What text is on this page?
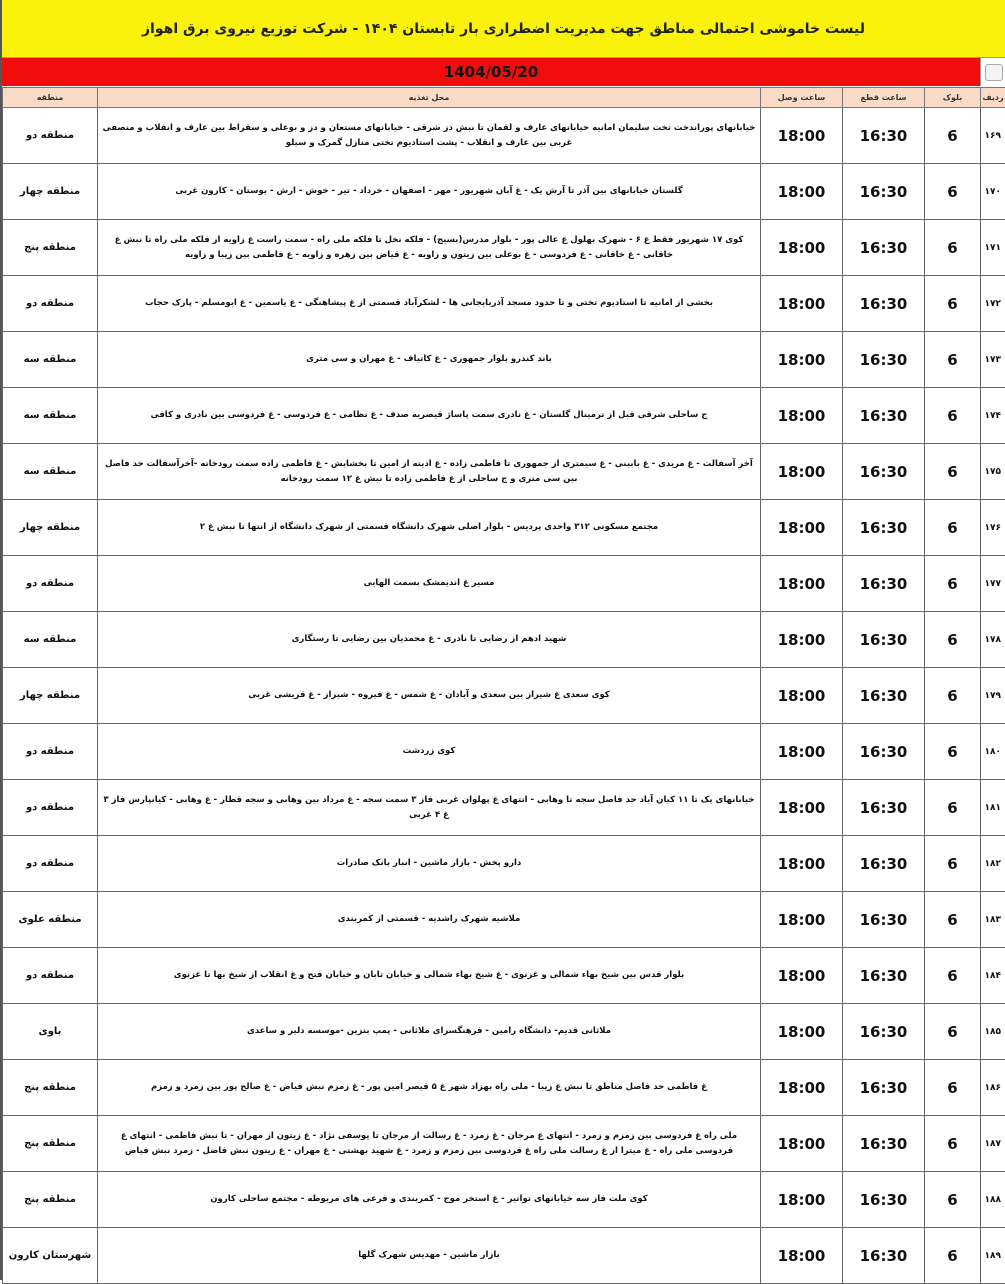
لیست خاموشی احتمالی مناطق جهت مدیریت اضطراری بار تابستان ۱۴۰۴ - شرکت توزیع نیروی برق اهواز
1404/05/20
ردیف	بلوک	ساعت قطع	ساعت وصل	محل تغذیه	منطقه
۱۶۹	6	16:30	18:00	خیابانهای پوراندخت تخت سلیمان امانیه خیابانهای عارف و لقمان تا نبش دز شرقی - خیابانهای مستعان و دز و بوعلی و سقراط بین عارف و انقلاب و منصفی غربی بین عارف و انقلاب - پشت استادیوم تختی منازل گمرک و سیلو	منطقه دو
۱۷۰	6	16:30	18:00	گلستان خیابانهای بین آذر تا آرش یک - غ آبان شهریور - مهر - اصفهان - خرداد - تیر - خوش - ارش - بوستان - کارون غربی	منطقه چهار
۱۷۱	6	16:30	18:00	کوی ۱۷ شهریور فقط غ ۶ - شهرک بهلول غ عالی پور - بلوار مدرس(بسیج) - فلکه نخل تا فلکه ملی راه - سمت راست غ زاویه از فلکه ملی راه تا نبش غ خاقانی - غ خاقانی - غ فردوسی - غ بوعلی بین زیتون و زاویه - غ قیاض بین زهره و زاویه - غ فاطمی بین زیبا و زاویه	منطقه پنج
۱۷۲	6	16:30	18:00	بخشی از امانیه تا استادیوم تختی و تا حدود مسجد آذربایجانی ها - لشکرآباد قسمتی از غ پیشاهنگی - غ یاسمین - غ ابومسلم - پارک حجاب	منطقه دو
۱۷۳	6	16:30	18:00	باند کندرو بلوار جمهوری - غ کاتیاف - غ مهران و سی متری	منطقه سه
۱۷۴	6	16:30	18:00	ج ساحلی شرقی قبل از ترمینال گلستان - غ نادری سمت پاساژ قیصریه صدف - غ نظامی - غ فردوسی - غ فردوسی بین نادری و کافی	منطقه سه
۱۷۵	6	16:30	18:00	آخر آسفالت - غ مریدی - غ بابینی - غ سیمتری از جمهوری تا فاطمی زاده - غ ادینه از امین تا بخشایش - غ فاطمی زاده سمت رودخانه -آخرآسفالت حد فاصل بین سی متری و ج ساحلی از غ فاطمی زاده تا نبش غ ۱۲ سمت رودخانه	منطقه سه
۱۷۶	6	16:30	18:00	مجتمع مسکونی ۳۱۲ واحدی پردیس - بلوار اصلی شهرک دانشگاه قسمتی از شهرک دانشگاه از انتها تا نبش غ ۲	منطقه چهار
۱۷۷	6	16:30	18:00	مسیر غ اندیمشک بسمت الهایی	منطقه دو
۱۷۸	6	16:30	18:00	شهید ادهم از رضایی تا نادری - غ محمدیان بین رضایی تا رستگاری	منطقه سه
۱۷۹	6	16:30	18:00	کوی سعدی غ شیراز بین سعدی و آبادان - غ شمس - غ فیروه - شیراز - غ قریشی غربی	منطقه چهار
۱۸۰	6	16:30	18:00	کوی زردشت	منطقه دو
۱۸۱	6	16:30	18:00	خیابانهای یک تا ۱۱ کیان آباد حد فاصل سجه تا وهابی - انتهای غ پهلوان غربی فاز ۳ سمت سجه - غ مرداد بین وهابی و سجه قطار - غ وهابی - کیانپارس فاز ۳ غ ۴ غربی	منطقه دو
۱۸۲	6	16:30	18:00	دارو پخش - بازار ماشین - انبار بانک صادرات	منطقه دو
۱۸۳	6	16:30	18:00	ملاشیه شهرک راشدیه - قسمتی از کمربندی	منطقه علوی
۱۸۴	6	16:30	18:00	بلوار قدس بین شیخ بهاء شمالی و غزنوی - غ شیخ بهاء شمالی و خیابان تابان و خیابان فتح و غ انقلاب از شیخ بها تا غزنوی	منطقه دو
۱۸۵	6	16:30	18:00	ملاثانی قدیم- دانشگاه رامین - فرهنگسرای ملاثانی - پمپ بنزین -موسسه دلیر و ساعدی	باوی
۱۸۶	6	16:30	18:00	غ فاطمی حد فاصل مناطق تا نبش غ زیبا - ملی راه بهزاد شهر غ ۵ قیصر امین پور - غ زمزم نبش فیاض - غ صالح پور بین زمرد و زمزم	منطقه پنج
۱۸۷	6	16:30	18:00	ملی راه غ فردوسی بین زمزم و زمرد - انتهای غ مرجان - غ زمرد - غ رسالت از مرجان تا یوسفی نژاد - غ زیتون از مهران - تا نبش فاطمی - انتهای غ فردوسی ملی راه - غ میترا از غ رسالت ملی راه غ فردوسی بین زمزم و زمرد - غ شهید بهشتی - غ مهران - غ زیتون نبش فاضل - زمرد نبش فیاض	منطقه پنج
۱۸۸	6	16:30	18:00	کوی ملت فاز سه خیابانهای تواتیر - غ استخر موج - کمربندی و فرعی های مربوطه - مجتمع ساحلی کارون	منطقه پنج
۱۸۹	6	16:30	18:00	بازار ماشین - مهدیس شهرک گلها	شهرستان کارون
